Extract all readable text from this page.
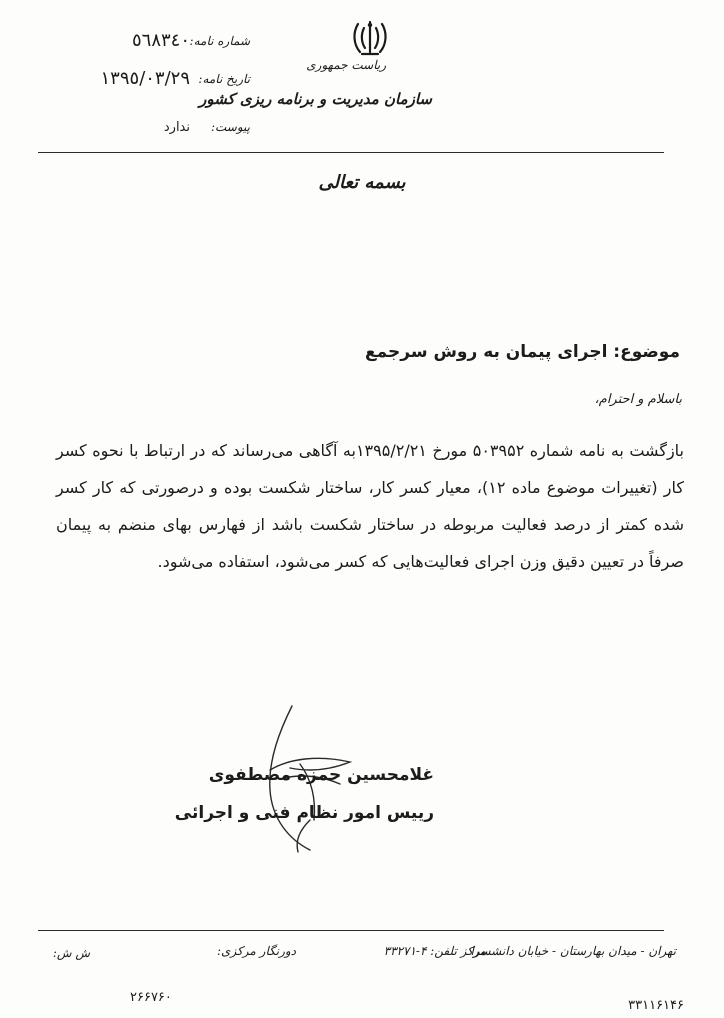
ریاست جمهوری
سازمان مدیریت و برنامه ریزی کشور
شماره نامه:
٥٦٨٣٤٠
تاریخ نامه:
١٣٩٥/٠٣/٢٩
پیوست:
ندارد
بسمه تعالی
موضوع: اجرای پیمان به روش سرجمع
باسلام و احترام،
بازگشت به نامه شماره ۵۰۳۹۵۲ مورخ ۱۳۹۵/۲/۲۱به آگاهی می‌رساند که در ارتباط با نحوه کسر کار (تغییرات موضوع ماده ۱۲)، معیار کسر کار، ساختار شکست بوده و درصورتی که کار کسر شده کمتر از درصد فعالیت مربوطه در ساختار شکست باشد از فهارس بهای منضم به پیمان صرفاً در تعیین دقیق وزن اجرای فعالیت‌هایی که کسر می‌شود، استفاده می‌شود.
غلامحسین حمزه مصطفوی
رییس امور نظام فنی و اجرائی
تهران - میدان بهارستان - خیابان دانشسرا
مرکز تلفن: ۴-۳۳۲۷۱
دورنگار مرکزی:
ش ش:
۲۶۶۷۶۰
۳۳۱۱۶۱۴۶
